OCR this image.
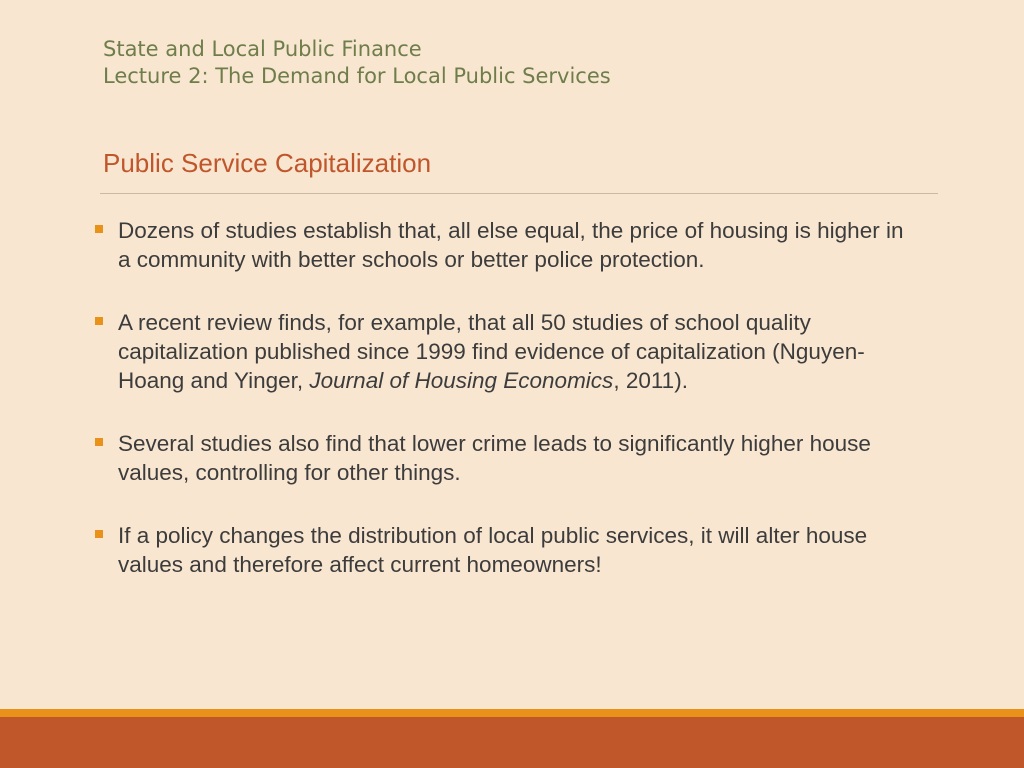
State and Local Public Finance
Lecture 2: The Demand for Local Public Services
Public Service Capitalization
Dozens of studies establish that, all else equal, the price of housing is higher in a community with better schools or better police protection.
A recent review finds, for example, that all 50 studies of school quality capitalization published since 1999 find evidence of capitalization (Nguyen-Hoang and Yinger, Journal of Housing Economics, 2011).
Several studies also find that lower crime leads to significantly higher house values, controlling for other things.
If a policy changes the distribution of local public services, it will alter house values and therefore affect current homeowners!
